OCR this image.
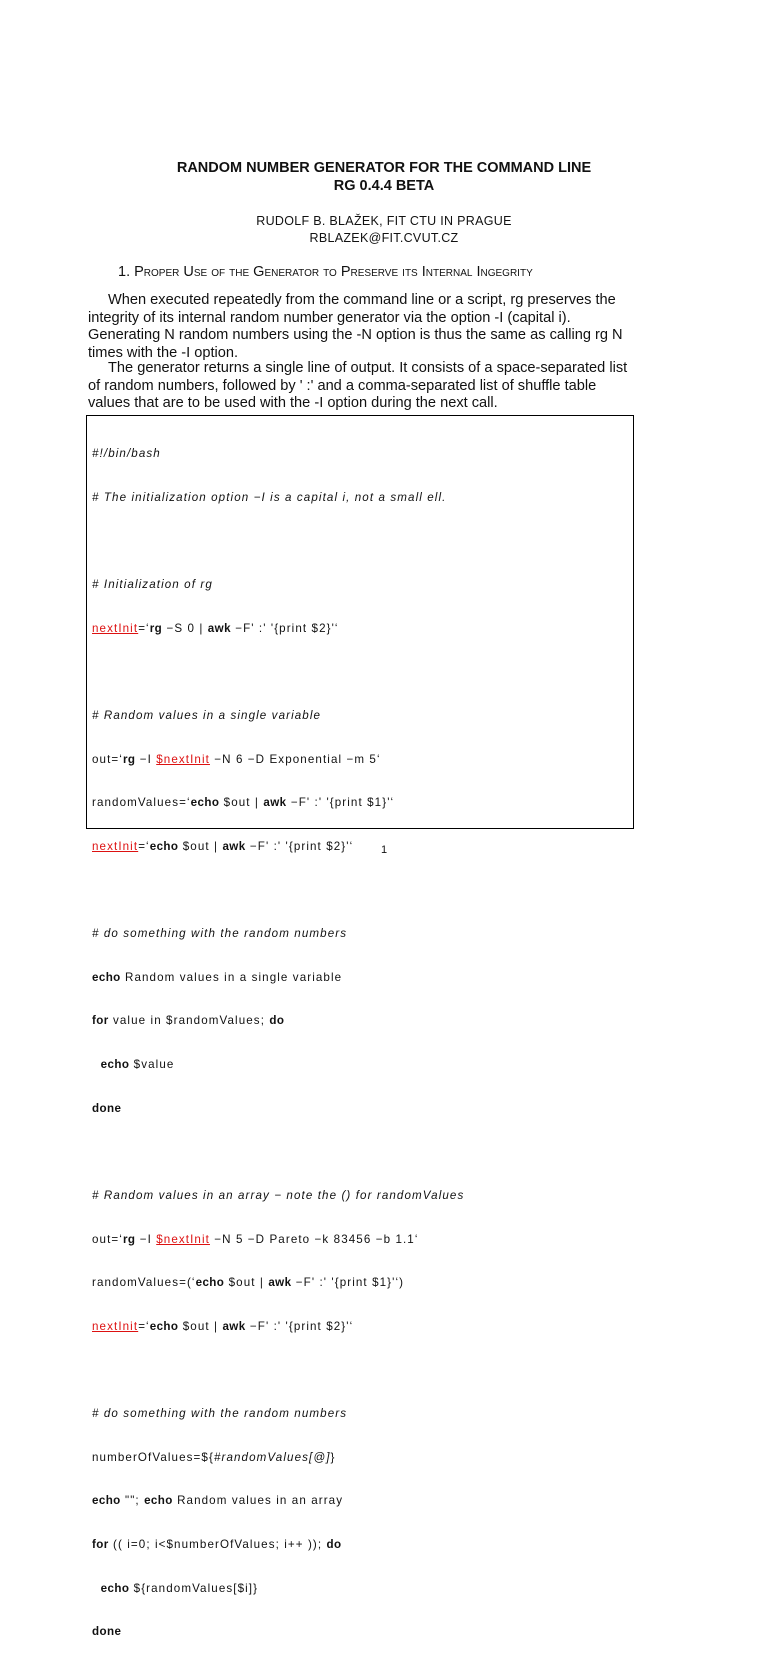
RANDOM NUMBER GENERATOR FOR THE COMMAND LINE
RG 0.4.4 BETA
RUDOLF B. BLAŽEK, FIT CTU IN PRAGUE
RBLAZEK@FIT.CVUT.CZ
1. Proper Use of the Generator to Preserve its Internal Ingegrity

When executed repeatedly from the command line or a script, rg preserves the integrity of its internal random number generator via the option -I (capital i). Generating N random numbers using the -N option is thus the same as calling rg N times with the -I option.

The generator returns a single line of output. It consists of a space-separated list of random numbers, followed by ' :' and a comma-separated list of shuffle table values that are to be used with the -I option during the next call.

#!/bin/bash

# The initialization option −I is a capital i, not a small ell.

# Initialization of rg

nextInit=‘rg −S 0 | awk −F' :' '{print $2}'‘

# Random values in a single variable

out=‘rg −I $nextInit −N 6 −D Exponential −m 5‘

randomValues=‘echo $out | awk −F' :' '{print $1}'‘

nextInit=‘echo $out | awk −F' :' '{print $2}'‘

# do something with the random numbers

echo Random values in a single variable

for value in $randomValues; do

echo $value

done

# Random values in an array − note the () for randomValues

out=‘rg −I $nextInit −N 5 −D Pareto −k 83456 −b 1.1‘

randomValues=(‘echo $out | awk −F' :' '{print $1}'‘)

nextInit=‘echo $out | awk −F' :' '{print $2}'‘

# do something with the random numbers

numberOfValues=${#randomValues[@]}

echo ""; echo Random values in an array

for (( i=0; i<$numberOfValues; i++ )); do

echo ${randomValues[$i]}

done

1
